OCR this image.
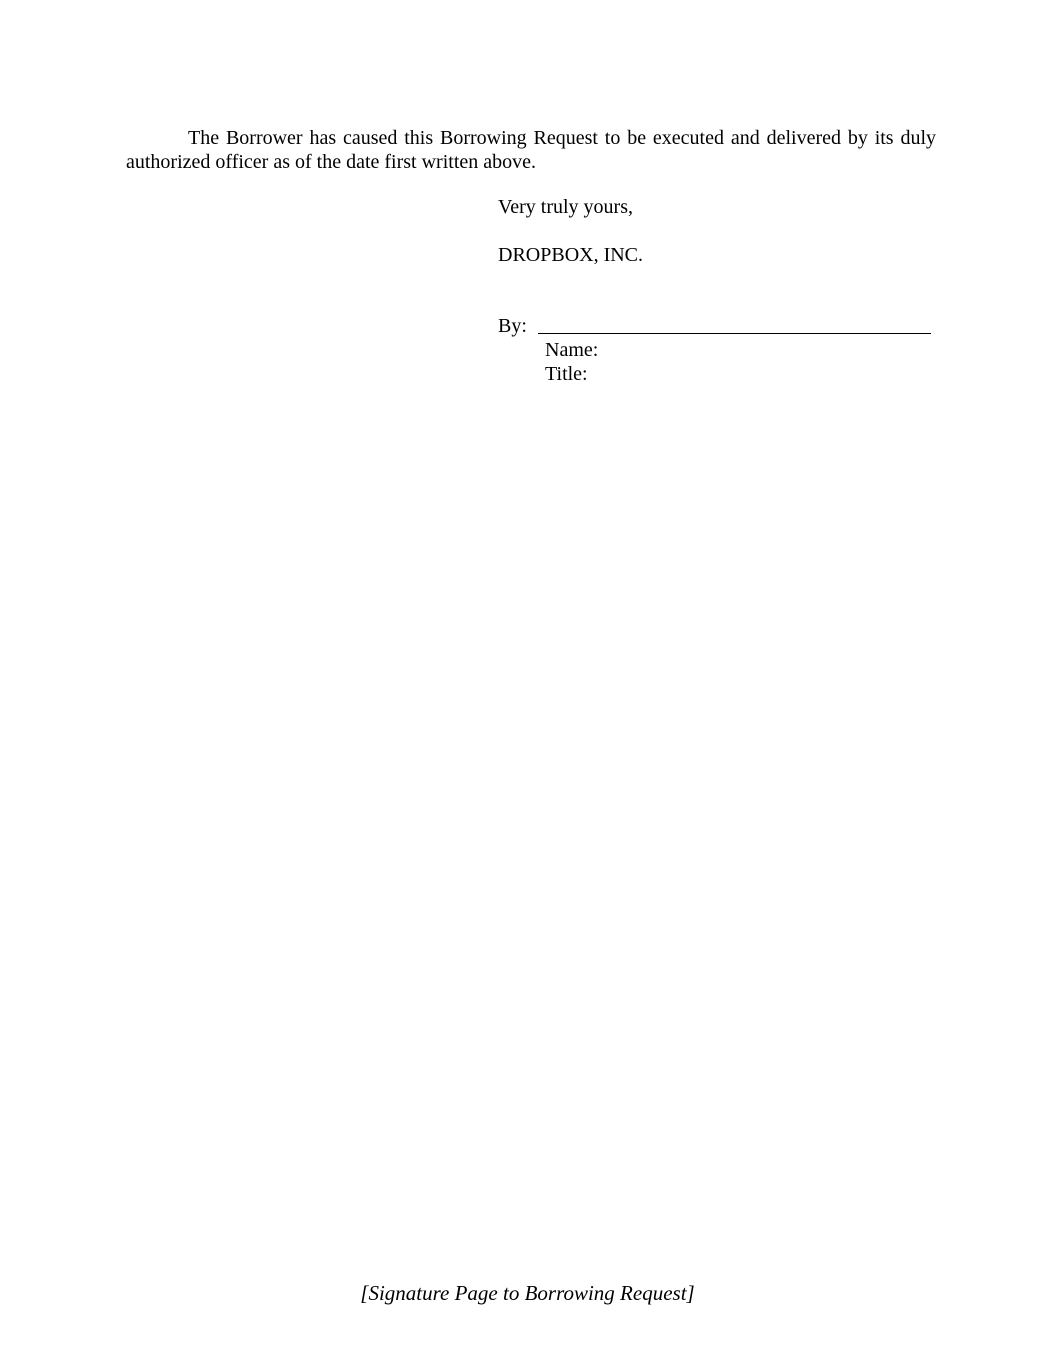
The Borrower has caused this Borrowing Request to be executed and delivered by its duly authorized officer as of the date first written above.

Very truly yours,

DROPBOX, INC.

By:

Name:

Title:

[Signature Page to Borrowing Request]
